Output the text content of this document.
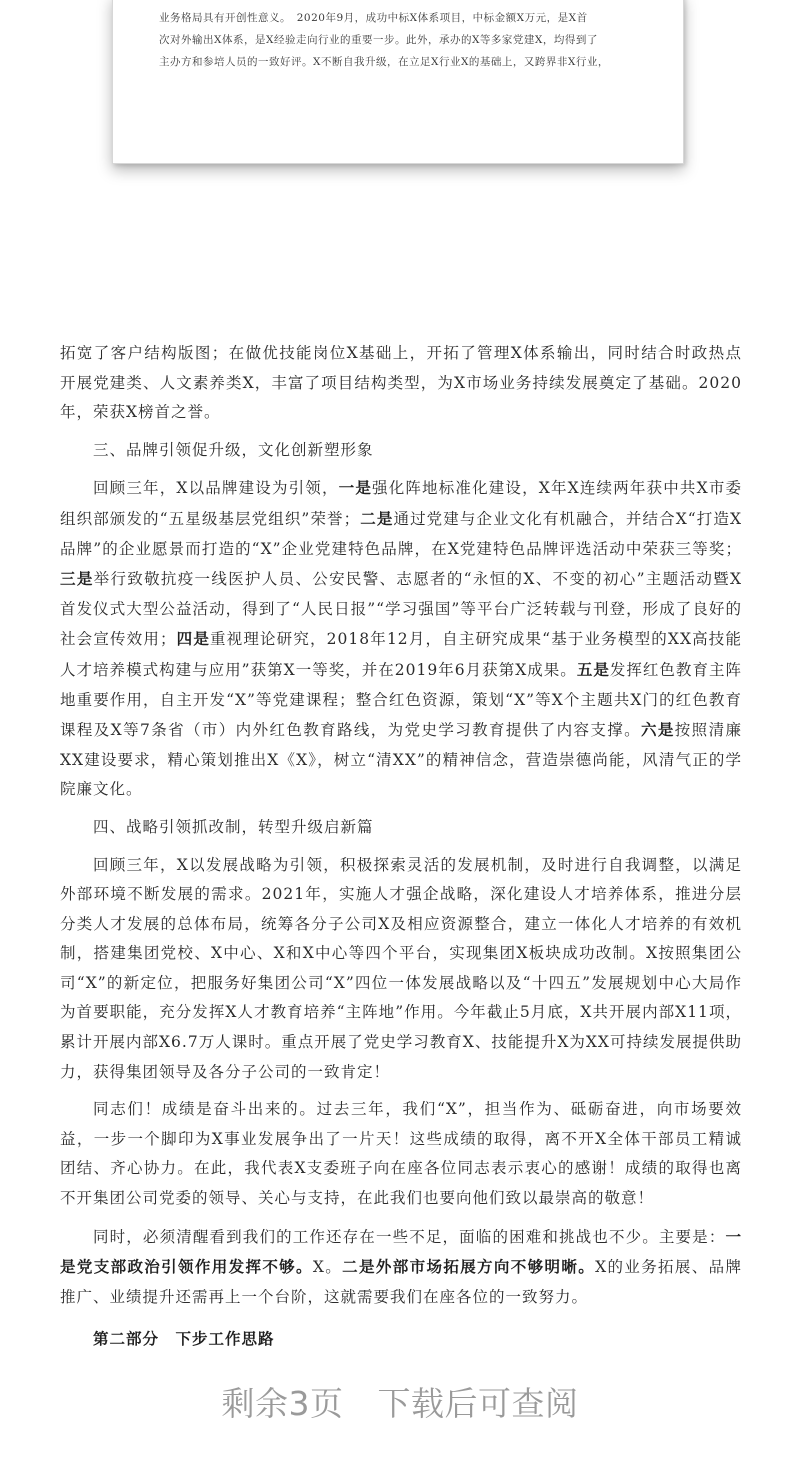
业务格局具有开创性意义。　2020年9月，成功中标X体系项目，中标金额X万元，是X首

次对外输出X体系，是X经验走向行业的重要一步。此外，承办的X等多家党建X，均得到了

主办方和参培人员的一致好评。X不断自我升级，在立足X行业X的基础上，又跨界非X行业，

拓宽了客户结构版图；在做优技能岗位X基础上，开拓了管理X体系输出，同时结合时政热点开展党建类、人文素养类X，丰富了项目结构类型，为X市场业务持续发展奠定了基础。2020年，荣获X榜首之誉。

三、品牌引领促升级，文化创新塑形象

回顾三年，X以品牌建设为引领，一是强化阵地标准化建设，X年X连续两年获中共X市委组织部颁发的“五星级基层党组织”荣誉；二是通过党建与企业文化有机融合，并结合X“打造X品牌”的企业愿景而打造的“X”企业党建特色品牌，在X党建特色品牌评选活动中荣获三等奖；三是举行致敬抗疫一线医护人员、公安民警、志愿者的“永恒的X、不变的初心”主题活动暨X首发仪式大型公益活动，得到了“人民日报”“学习强国”等平台广泛转载与刊登，形成了良好的社会宣传效用；四是重视理论研究，2018年12月，自主研究成果“基于业务模型的XX高技能人才培养模式构建与应用”获第X一等奖，并在2019年6月获第X成果。五是发挥红色教育主阵地重要作用，自主开发“X”等党建课程；整合红色资源，策划“X”等X个主题共X门的红色教育课程及X等7条省（市）内外红色教育路线，为党史学习教育提供了内容支撑。六是按照清廉XX建设要求，精心策划推出X《X》，树立“清XX”的精神信念，营造崇德尚能，风清气正的学院廉文化。

四、战略引领抓改制，转型升级启新篇

回顾三年，X以发展战略为引领，积极探索灵活的发展机制，及时进行自我调整，以满足外部环境不断发展的需求。2021年，实施人才强企战略，深化建设人才培养体系，推进分层分类人才发展的总体布局，统筹各分子公司X及相应资源整合，建立一体化人才培养的有效机制，搭建集团党校、X中心、X和X中心等四个平台，实现集团X板块成功改制。X按照集团公司“X”的新定位，把服务好集团公司“X”四位一体发展战略以及“十四五”发展规划中心大局作为首要职能，充分发挥X人才教育培养“主阵地”作用。今年截止5月底，X共开展内部X11项，累计开展内部X6.7万人课时。重点开展了党史学习教育X、技能提升X为XX可持续发展提供助力，获得集团领导及各分子公司的一致肯定！

同志们！成绩是奋斗出来的。过去三年，我们“X”，担当作为、砥砺奋进，向市场要效益，一步一个脚印为X事业发展争出了一片天！这些成绩的取得，离不开X全体干部员工精诚团结、齐心协力。在此，我代表X支委班子向在座各位同志表示衷心的感谢！成绩的取得也离不开集团公司党委的领导、关心与支持，在此我们也要向他们致以最崇高的敬意！

同时，必须清醒看到我们的工作还存在一些不足，面临的困难和挑战也不少。主要是：一是党支部政治引领作用发挥不够。X。二是外部市场拓展方向不够明晰。X的业务拓展、品牌推广、业绩提升还需再上一个台阶，这就需要我们在座各位的一致努力。

第二部分　下步工作思路

剩余3页 下载后可查阅
